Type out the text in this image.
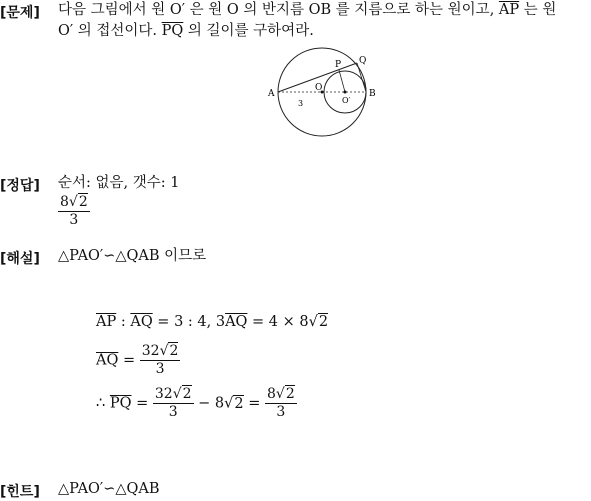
[문제] 다음 그림에서 원 O′ 은 원 O 의 반지름 OB 를 지름으로 하는 원이고, $\overline{AP}$ 는 원
O′ 의 접선이다. $\overline{PQ}$ 의 길이를 구하여라.
A	B
O
O′
P Q
3
[정답] 순서: 없음, 갯수: 1
$\frac{8√2}{3}$
[해설] △PAO′∽△QAB 이므로
$\overline{AP}$ : $\overline{AQ} = 3$ : 4, $3\overline{AQ} = 4 \times 8√2$
$\overline{AQ} = \frac{32√2}{3}$
∴ $\overline{PQ} = \frac{32√2}{3} - 8√2 = \frac{8√2}{3}$
[힌트] △PAO′∽△QAB
